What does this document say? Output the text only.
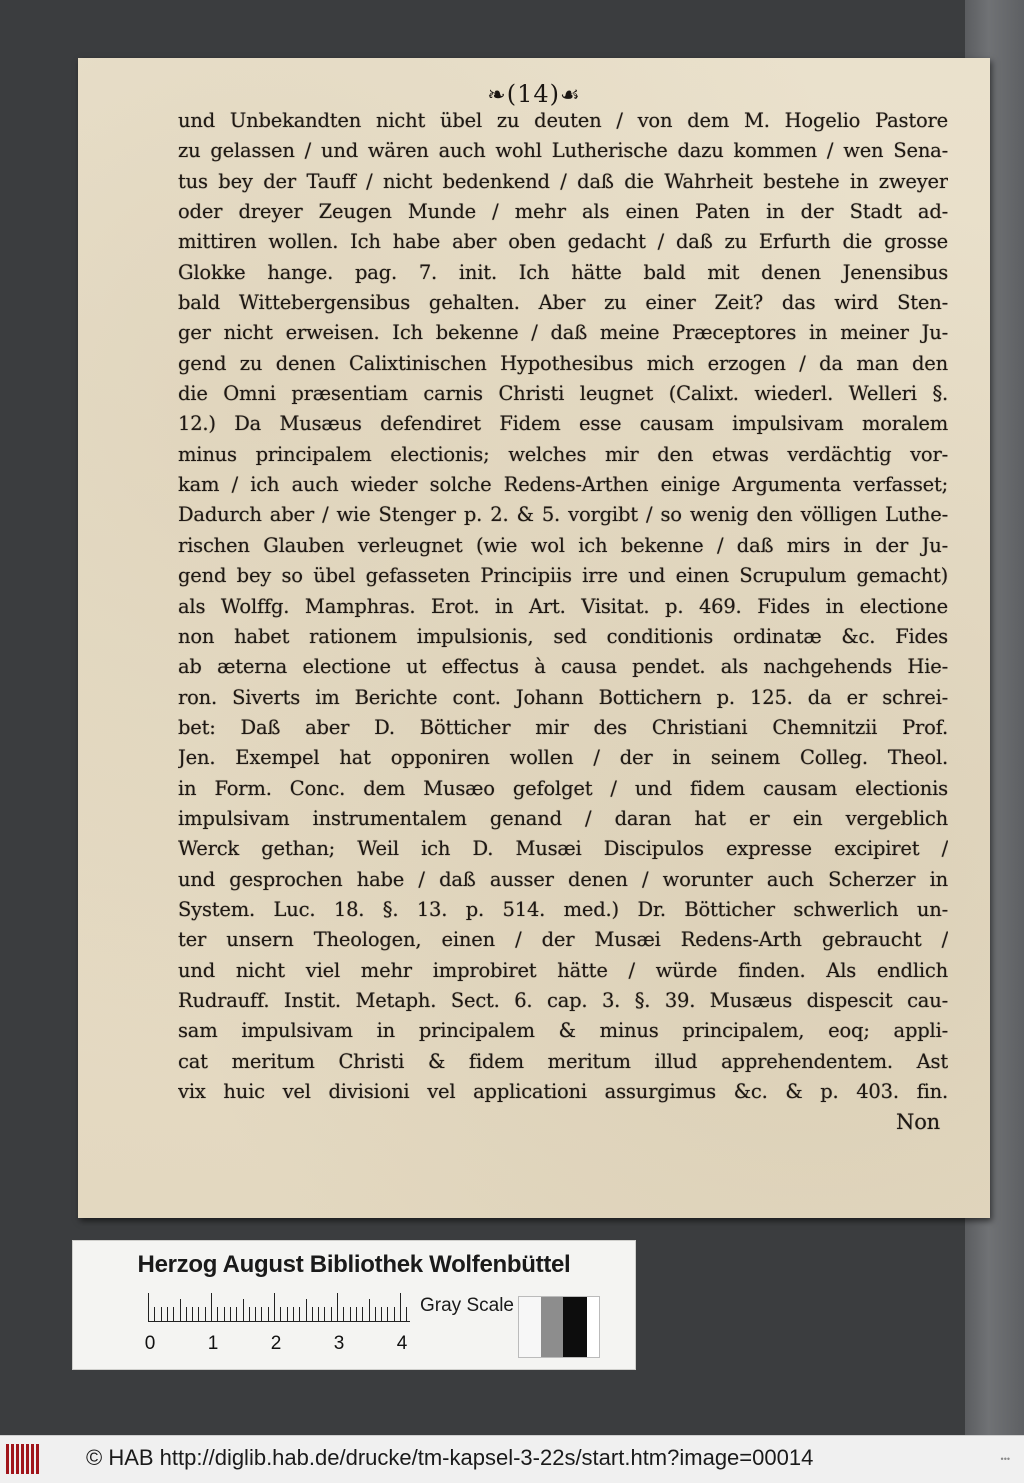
❧(14)☙
und Unbekandten nicht übel zu deuten / von dem M. Hogelio Pastore
zu gelassen / und wären auch wohl Lutherische dazu kommen / wen Sena-
tus bey der Tauff / nicht bedenkend / daß die Wahrheit bestehe in zweyer
oder dreyer Zeugen Munde / mehr als einen Paten in der Stadt ad-
mittiren wollen. Ich habe aber oben gedacht / daß zu Erfurth die grosse
Glokke hange. pag. 7. init. Ich hätte bald mit denen Jenensibus
bald Wittebergensibus gehalten. Aber zu einer Zeit? das wird Sten-
ger nicht erweisen. Ich bekenne / daß meine Præceptores in meiner Ju-
gend zu denen Calixtinischen Hypothesibus mich erzogen / da man den
die Omni præsentiam carnis Christi leugnet (Calixt. wiederl. Welleri §.
12.) Da Musæus defendiret Fidem esse causam impulsivam moralem
minus principalem electionis; welches mir den etwas verdächtig vor-
kam / ich auch wieder solche Redens-Arthen einige Argumenta verfasset;
Dadurch aber / wie Stenger p. 2. & 5. vorgibt / so wenig den völligen Luthe-
rischen Glauben verleugnet (wie wol ich bekenne / daß mirs in der Ju-
gend bey so übel gefasseten Principiis irre und einen Scrupulum gemacht)
als Wolffg. Mamphras. Erot. in Art. Visitat. p. 469. Fides in electione
non habet rationem impulsionis, sed conditionis ordinatæ &c. Fides
ab æterna electione ut effectus à causa pendet. als nachgehends Hie-
ron. Siverts im Berichte cont. Johann Bottichern p. 125. da er schrei-
bet: Daß aber D. Bötticher mir des Christiani Chemnitzii Prof.
Jen. Exempel hat opponiren wollen / der in seinem Colleg. Theol.
in Form. Conc. dem Musæo gefolget / und fidem causam electionis
impulsivam instrumentalem genand / daran hat er ein vergeblich
Werck gethan; Weil ich D. Musæi Discipulos expresse excipiret /
und gesprochen habe / daß ausser denen / worunter auch Scherzer in
System. Luc. 18. §. 13. p. 514. med.) Dr. Bötticher schwerlich un-
ter unsern Theologen, einen / der Musæi Redens-Arth gebraucht /
und nicht viel mehr improbiret hätte / würde finden. Als endlich
Rudrauff. Instit. Metaph. Sect. 6. cap. 3. §. 39. Musæus dispescit cau-
sam impulsivam in principalem & minus principalem, eoq; appli-
cat meritum Christi & fidem meritum illud apprehendentem. Ast
vix huic vel divisioni vel applicationi assurgimus &c. & p. 403. fin.
Non
Herzog August Bibliothek Wolfenbüttel
0	1	2	3	4
Gray Scale
© HAB http://diglib.hab.de/drucke/tm-kapsel-3-22s/start.htm?image=00014	•••
